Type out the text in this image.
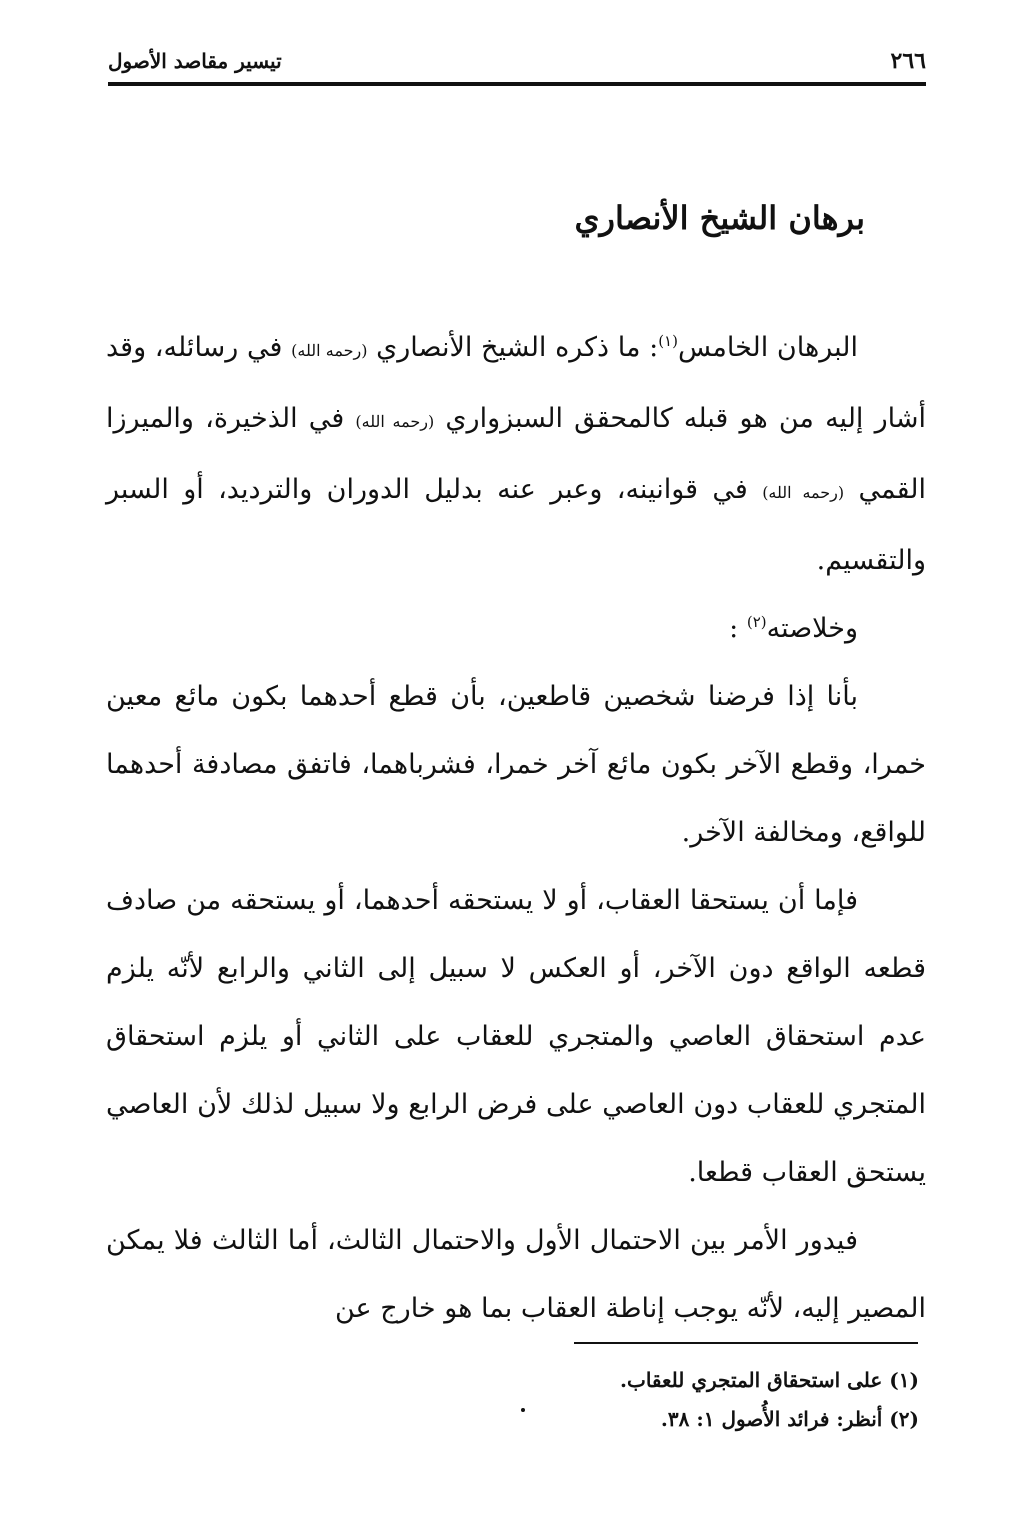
٢٦٦
تيسير مقاصد الأصول
برهان الشيخ الأنصاري

البرهان الخامس$^{(١)}$: ما ذكره الشيخ الأنصاري (رحمه الله) في رسائله، وقد أشار إليه من هو قبله كالمحقق السبزواري (رحمه الله) في الذخيرة، والميرزا القمي (رحمه الله) في قوانينه، وعبر عنه بدليل الدوران والترديد، أو السبر والتقسيم.

وخلاصته$^{(٢)}$ :

بأنا إذا فرضنا شخصين قاطعين، بأن قطع أحدهما بكون مائع معين خمرا، وقطع الآخر بكون مائع آخر خمرا، فشرباهما، فاتفق مصادفة أحدهما للواقع، ومخالفة الآخر.

فإما أن يستحقا العقاب، أو لا يستحقه أحدهما، أو يستحقه من صادف قطعه الواقع دون الآخر، أو العكس لا سبيل إلى الثاني والرابع لأنّه يلزم عدم استحقاق العاصي والمتجري للعقاب على الثاني أو يلزم استحقاق المتجري للعقاب دون العاصي على فرض الرابع ولا سبيل لذلك لأن العاصي يستحق العقاب قطعا.

فيدور الأمر بين الاحتمال الأول والاحتمال الثالث، أما الثالث فلا يمكن المصير إليه، لأنّه يوجب إناطة العقاب بما هو خارج عن

(١) على استحقاق المتجري للعقاب.
(٢) أنظر: فرائد الأُصول ١: ٣٨.
